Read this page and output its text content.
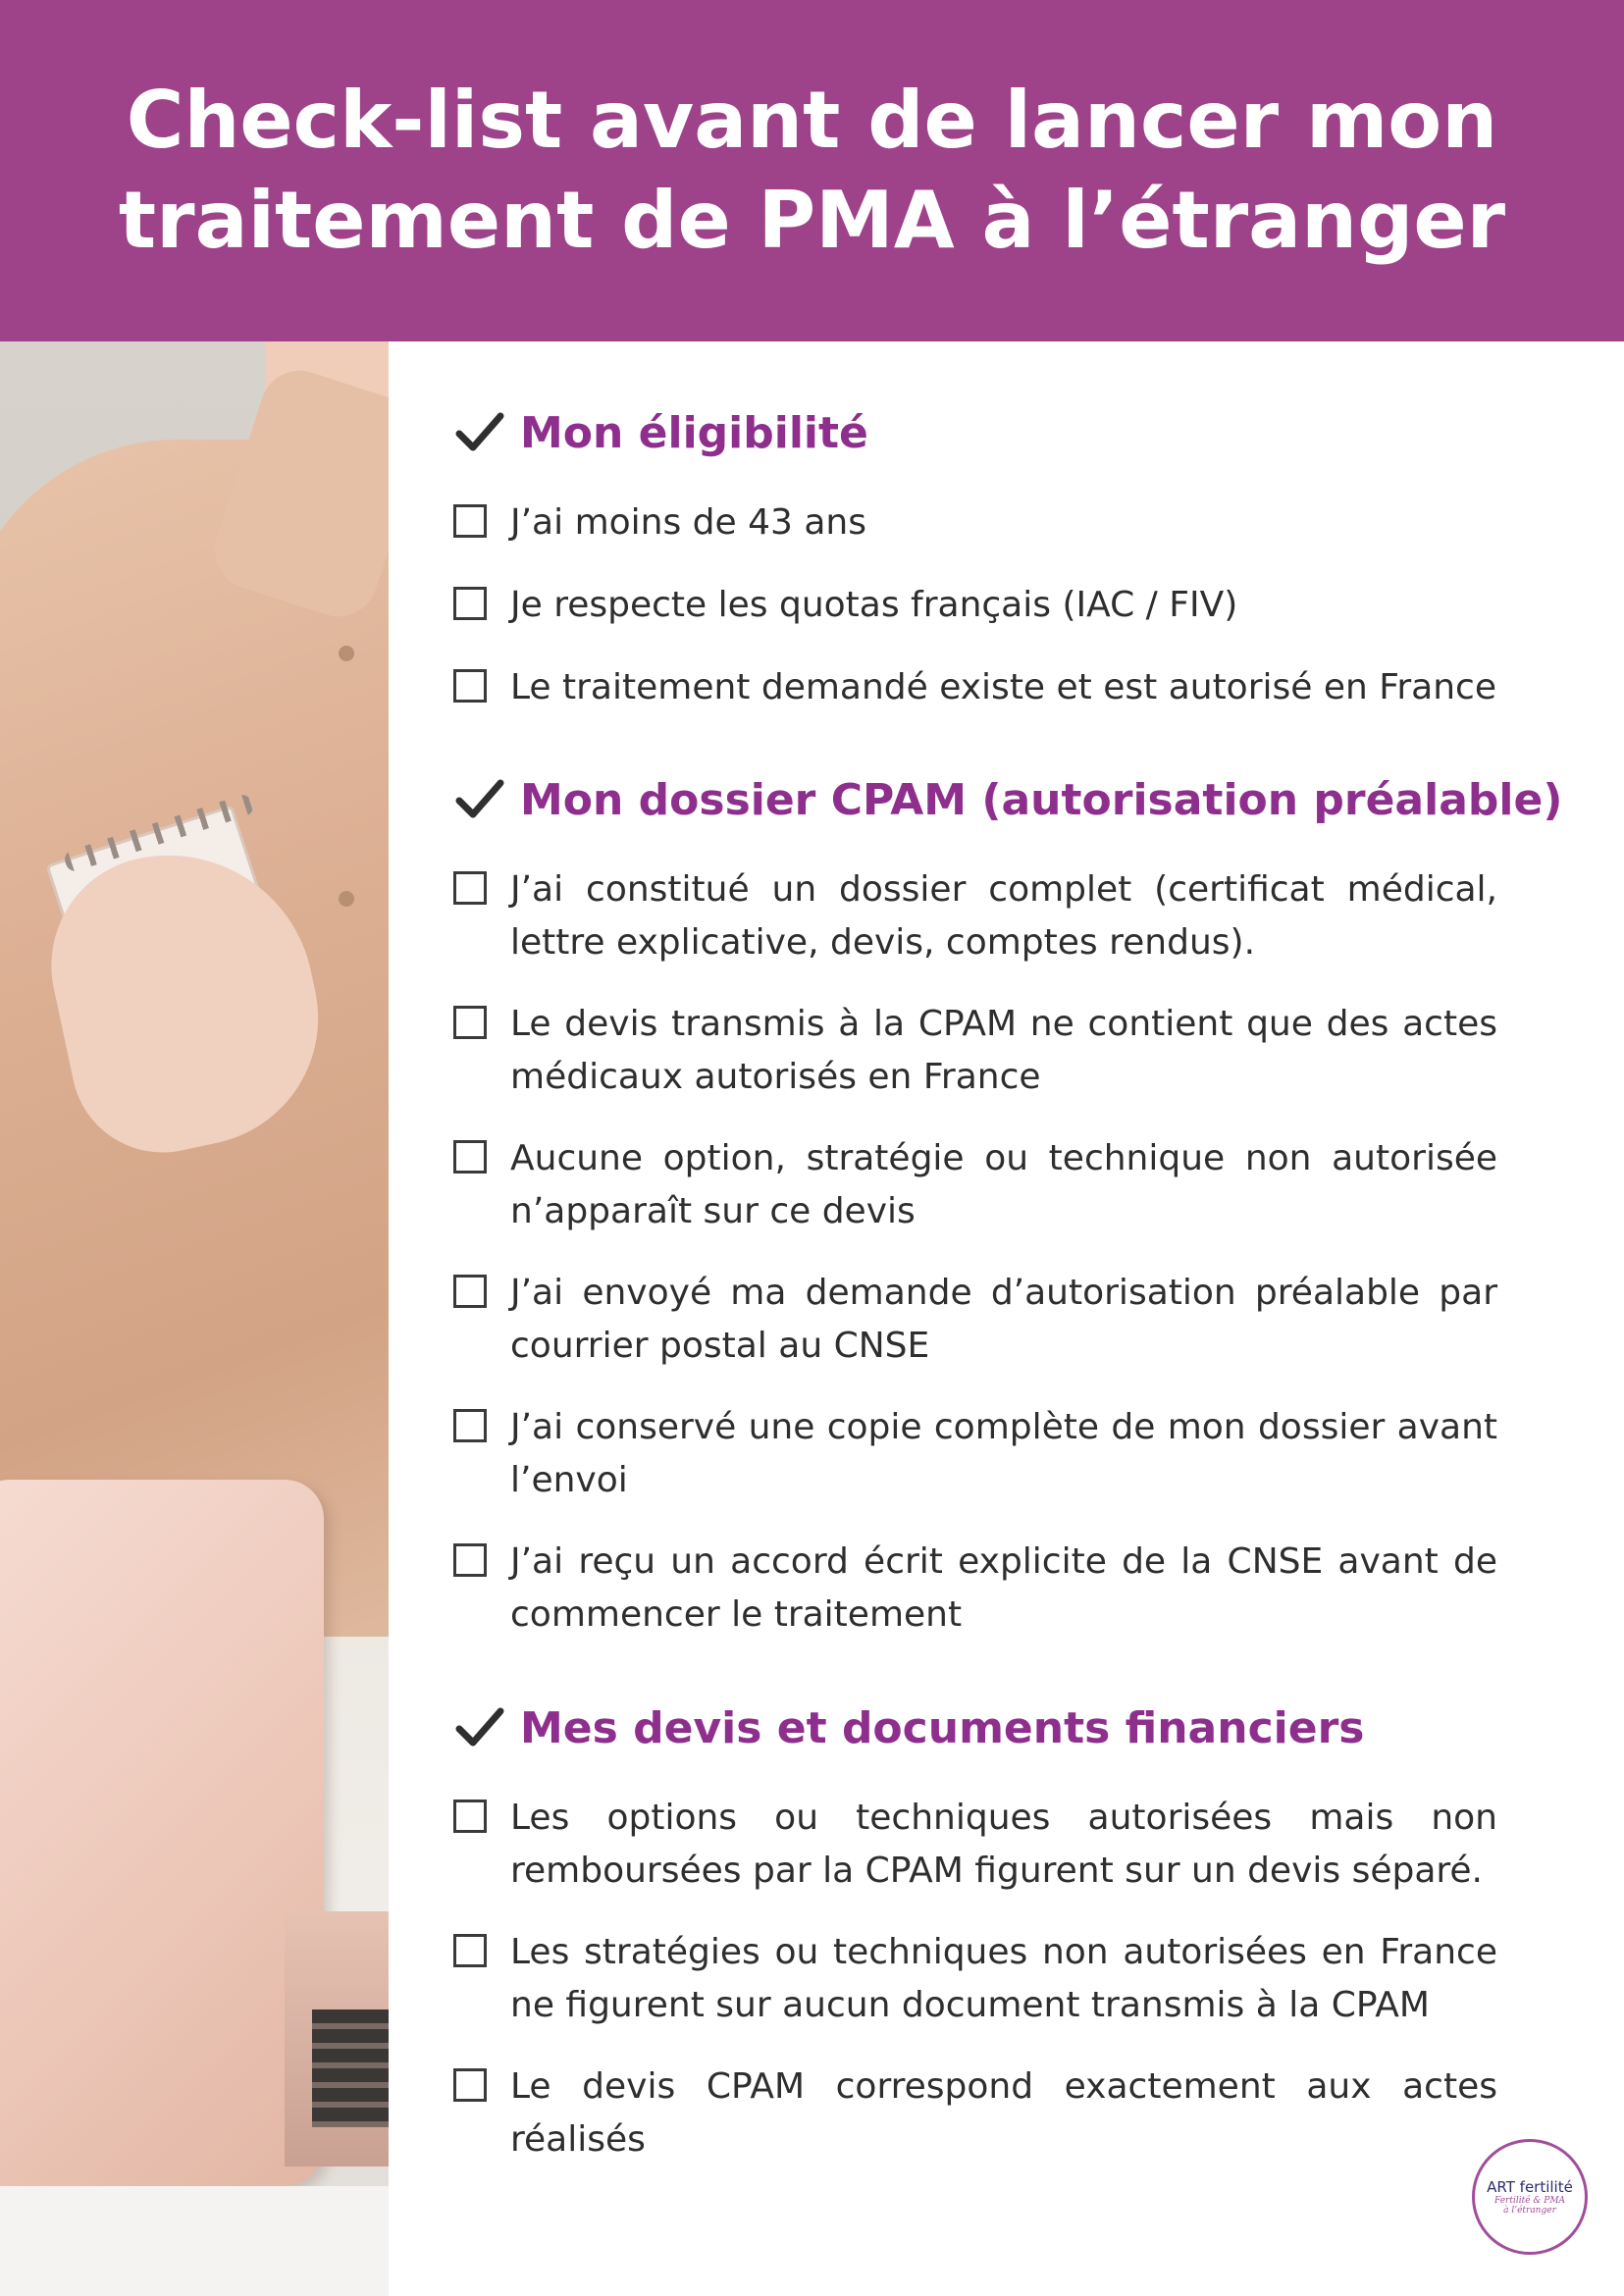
Check-list avant de lancer mon
traitement de PMA à l’étranger
Mon éligibilité
J’ai moins de 43 ans
Je respecte les quotas français (IAC / FIV)
Le traitement demandé existe et est autorisé en France
Mon dossier CPAM (autorisation préalable)
J’ai constitué un dossier complet (certificat médical, lettre explicative, devis, comptes rendus).
Le devis transmis à la CPAM ne contient que des actes médicaux autorisés en France
Aucune option, stratégie ou technique non autorisée n’apparaît sur ce devis
J’ai envoyé ma demande d’autorisation préalable par courrier postal au CNSE
J’ai conservé une copie complète de mon dossier avant l’envoi
J’ai reçu un accord écrit explicite de la CNSE avant de commencer le traitement
Mes devis et documents financiers
Les options ou techniques autorisées mais non remboursées par la CPAM figurent sur un devis séparé.
Les stratégies ou techniques non autorisées en France ne figurent sur aucun document transmis à la CPAM
Le devis CPAM correspond exactement aux actes réalisés
ART fertilité
Fertilité & PMA
à l’étranger
